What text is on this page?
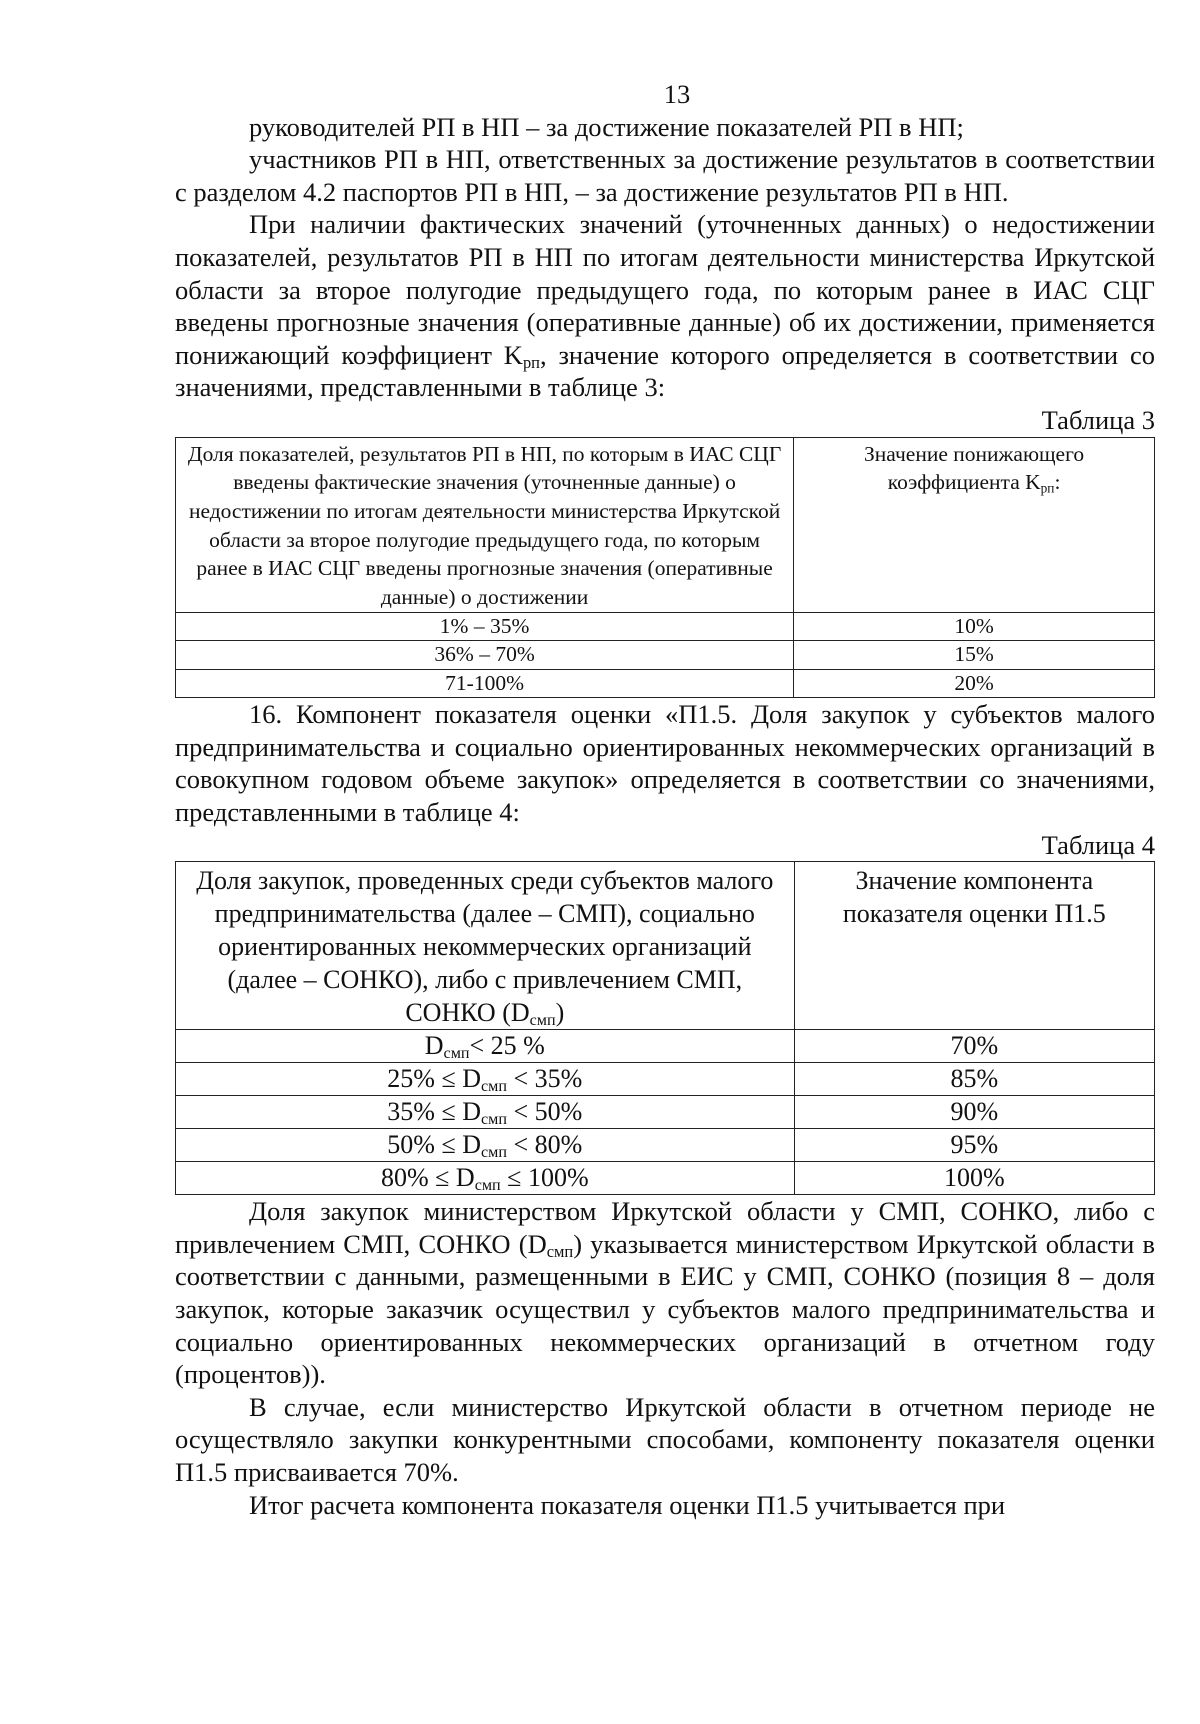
13

руководителей РП в НП – за достижение показателей РП в НП;

участников РП в НП, ответственных за достижение результатов в соответствии с разделом 4.2 паспортов РП в НП, – за достижение результатов РП в НП.

При наличии фактических значений (уточненных данных) о недостижении показателей, результатов РП в НП по итогам деятельности министерства Иркутской области за второе полугодие предыдущего года, по которым ранее в ИАС СЦГ введены прогнозные значения (оперативные данные) об их достижении, применяется понижающий коэффициент $K_{рп}$, значение которого определяется в соответствии со значениями, представленными в таблице 3:

Таблица 3
Доля показателей, результатов РП в НП, по которым в ИАС СЦГ введены фактические значения (уточненные данные) о недостижении по итогам деятельности министерства Иркутской области за второе полугодие предыдущего года, по которым ранее в ИАС СЦГ введены прогнозные значения (оперативные данные) о достижении	Значение понижающего коэффициента $K_{рп}$:
1% – 35%	10%
36% – 70%	15%
71-100%	20%

16. Компонент показателя оценки «П1.5. Доля закупок у субъектов малого предпринимательства и социально ориентированных некоммерческих организаций в совокупном годовом объеме закупок» определяется в соответствии со значениями, представленными в таблице 4:

Таблица 4
Доля закупок, проведенных среди субъектов малого предпринимательства (далее – СМП), социально ориентированных некоммерческих организаций (далее – СОНКО), либо с привлечением СМП, СОНКО $(D_{смп})$	Значение компонента показателя оценки П1.5
$D_{смп}< 25$ %	70%
$25\% \le D_{смп} < 35\%$	85%
$35\% \le D_{смп} < 50\%$	90%
$50\% \le D_{смп} < 80\%$	95%
$80\% \le D_{смп} \le 100\%$	100%

Доля закупок министерством Иркутской области у СМП, СОНКО, либо с привлечением СМП, СОНКО $(D_{смп})$ указывается министерством Иркутской области в соответствии с данными, размещенными в ЕИС у СМП, СОНКО (позиция 8 – доля закупок, которые заказчик осуществил у субъектов малого предпринимательства и социально ориентированных некоммерческих организаций в отчетном году (процентов)).

В случае, если министерство Иркутской области в отчетном периоде не осуществляло закупки конкурентными способами, компоненту показателя оценки П1.5 присваивается 70%.

Итог расчета компонента показателя оценки П1.5 учитывается при
